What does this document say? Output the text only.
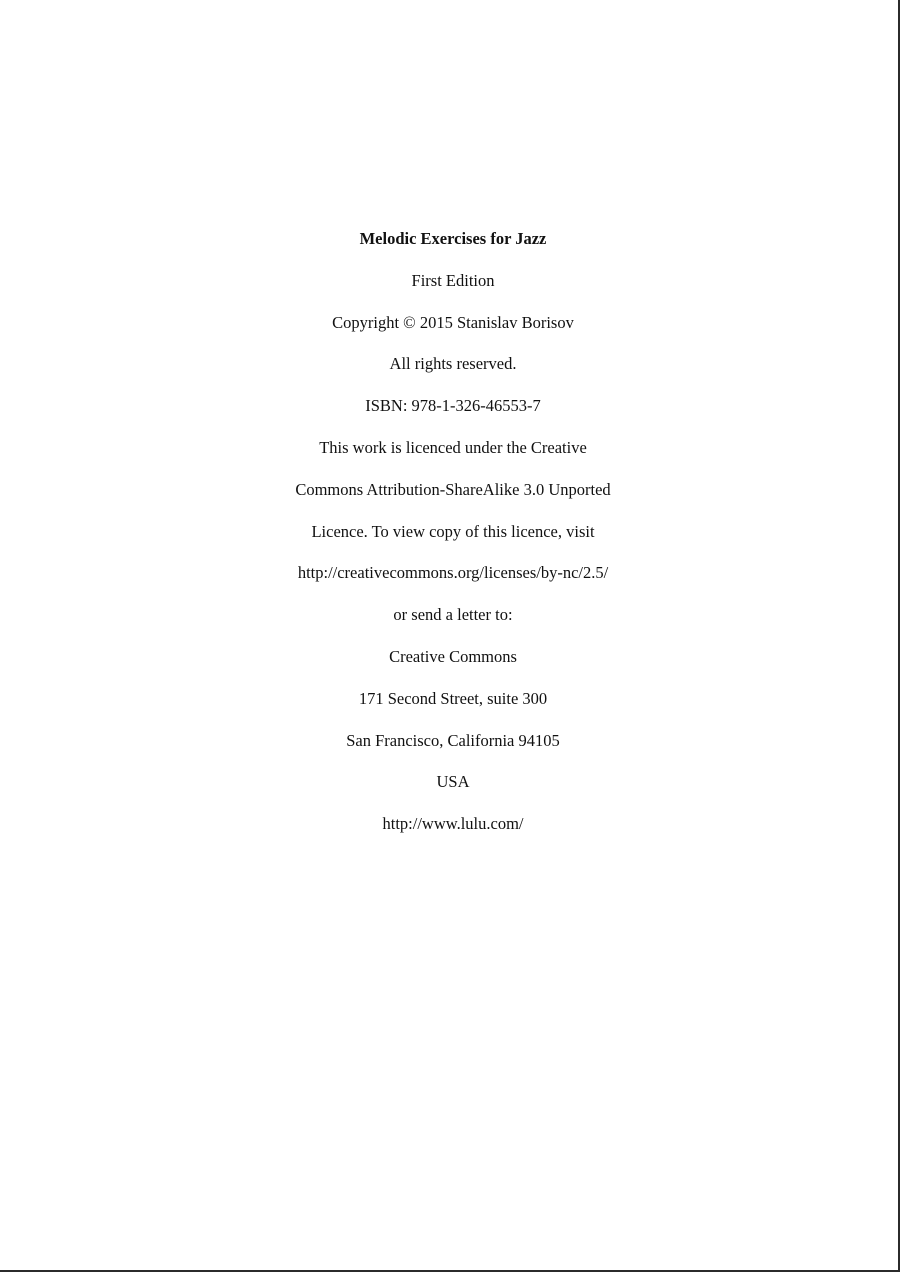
Melodic Exercises for Jazz
First Edition
Copyright © 2015 Stanislav Borisov
All rights reserved.
ISBN: 978-1-326-46553-7
This work is licenced under the Creative
Commons Attribution-ShareAlike 3.0 Unported
Licence. To view copy of this licence, visit
http://creativecommons.org/licenses/by-nc/2.5/
or send a letter to:
Creative Commons
171 Second Street, suite 300
San Francisco, California 94105
USA
http://www.lulu.com/
